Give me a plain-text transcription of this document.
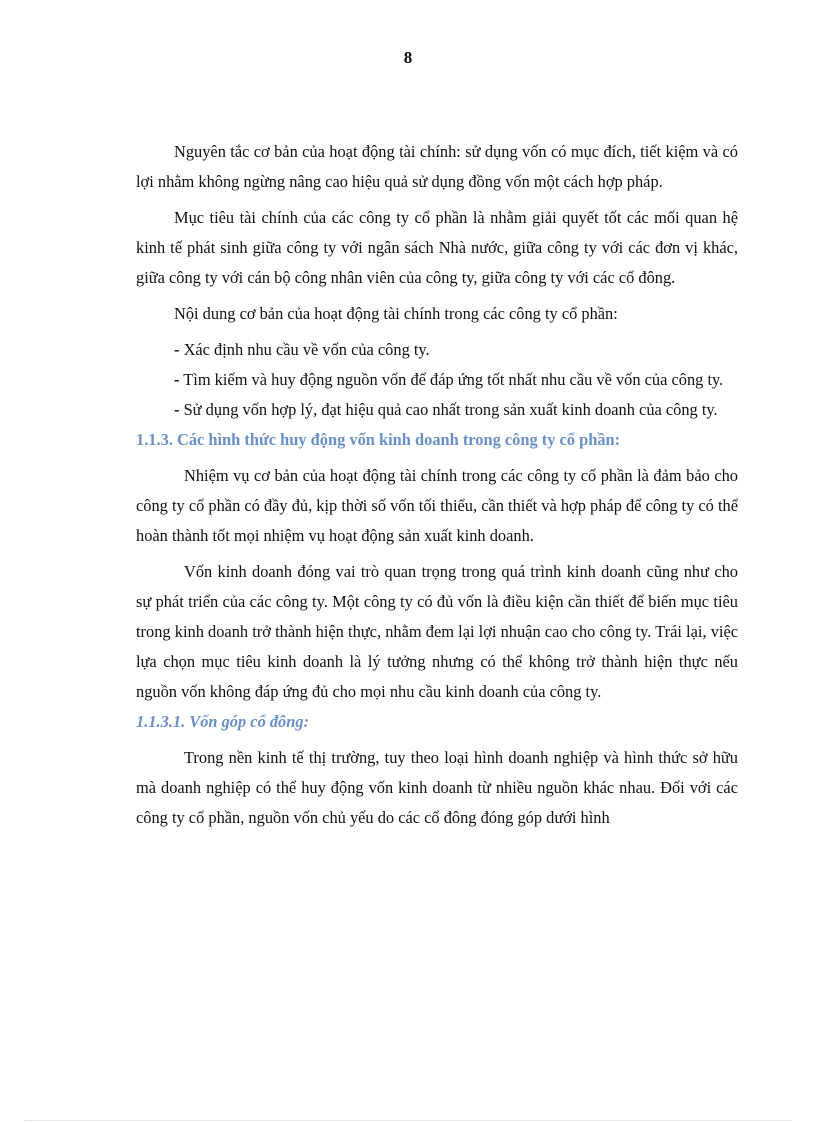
8

Nguyên tắc cơ bản của hoạt động tài chính: sử dụng vốn có mục đích, tiết kiệm và có lợi nhằm không ngừng nâng cao hiệu quả sử dụng đồng vốn một cách hợp pháp.

Mục tiêu tài chính của các công ty cổ phần là nhằm giải quyết tốt các mối quan hệ kinh tế phát sinh giữa công ty với ngân sách Nhà nước, giữa công ty với các đơn vị khác, giữa công ty với cán bộ công nhân viên của công ty, giữa công ty với các cổ đông.

Nội dung cơ bản của hoạt động tài chính trong các công ty cổ phần:

- Xác định nhu cầu về vốn của công ty.

- Tìm kiếm và huy động nguồn vốn để đáp ứng tốt nhất nhu cầu về vốn của công ty.

- Sử dụng vốn hợp lý, đạt hiệu quả cao nhất trong sản xuất kinh doanh của công ty.

1.1.3. Các hình thức huy động vốn kinh doanh trong công ty cổ phần:

Nhiệm vụ cơ bản của hoạt động tài chính trong các công ty cổ phần là đảm bảo cho công ty cổ phần có đầy đủ, kịp thời số vốn tối thiểu, cần thiết và hợp pháp để công ty có thể hoàn thành tốt mọi nhiệm vụ hoạt động sản xuất kinh doanh.

Vốn kinh doanh đóng vai trò quan trọng trong quá trình kinh doanh cũng như cho sự phát triển của các công ty. Một công ty có đủ vốn là điều kiện cần thiết để biến mục tiêu trong kinh doanh trở thành hiện thực, nhằm đem lại lợi nhuận cao cho công ty. Trái lại, việc lựa chọn mục tiêu kinh doanh là lý tưởng nhưng có thể không trở thành hiện thực nếu nguồn vốn không đáp ứng đủ cho mọi nhu cầu kinh doanh của công ty.

1.1.3.1. Vốn góp cổ đông:

Trong nền kinh tế thị trường, tuy theo loại hình doanh nghiệp và hình thức sở hữu mà doanh nghiệp có thể huy động vốn kinh doanh từ nhiều nguồn khác nhau. Đối với các công ty cổ phần, nguồn vốn chủ yếu do các cổ đông đóng góp dưới hình
